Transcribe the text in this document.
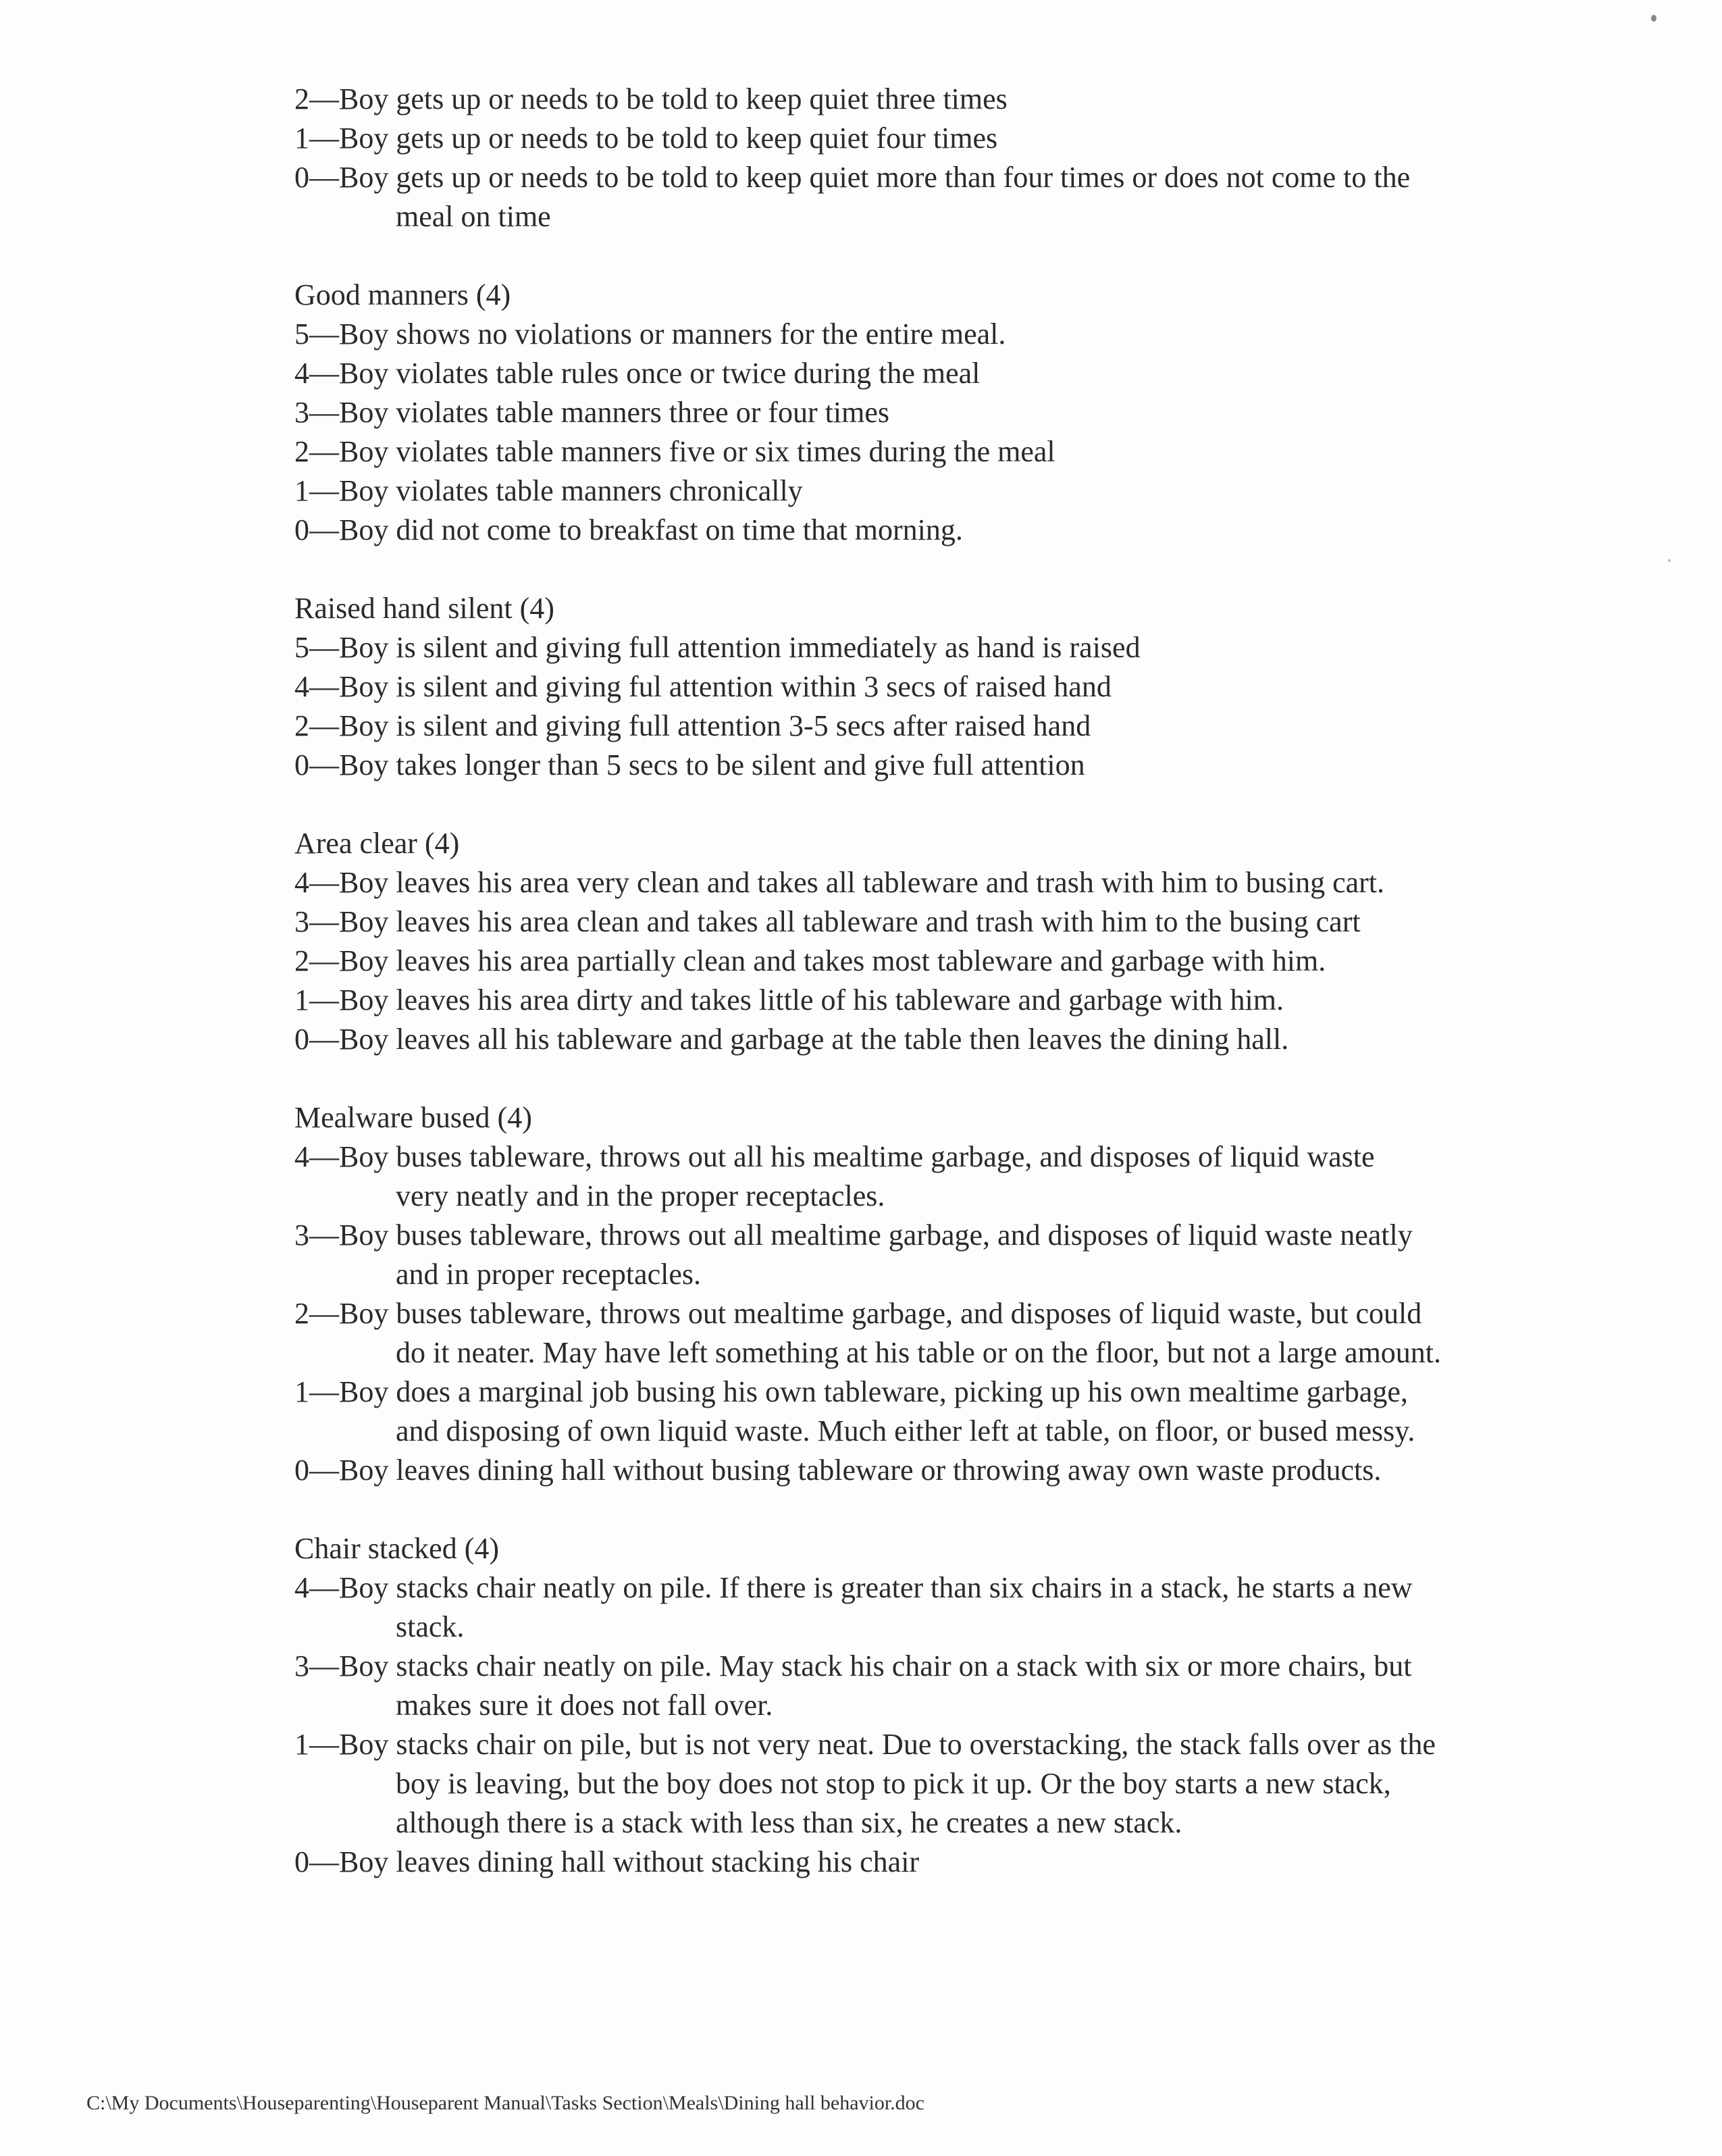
2—Boy gets up or needs to be told to keep quiet three times
1—Boy gets up or needs to be told to keep quiet four times
0—Boy gets up or needs to be told to keep quiet more than four times or does not come to the
meal on time
Good manners (4)
5—Boy shows no violations or manners for the entire meal.
4—Boy violates table rules once or twice during the meal
3—Boy violates table manners three or four times
2—Boy violates table manners five or six times during the meal
1—Boy violates table manners chronically
0—Boy did not come to breakfast on time that morning.
Raised hand silent (4)
5—Boy is silent and giving full attention immediately as hand is raised
4—Boy is silent and giving ful attention within 3 secs of raised hand
2—Boy is silent and giving full attention 3-5 secs after raised hand
0—Boy takes longer than 5 secs to be silent and give full attention
Area clear (4)
4—Boy leaves his area very clean and takes all tableware and trash with him to busing cart.
3—Boy leaves his area clean and takes all tableware and trash with him to the busing cart
2—Boy leaves his area partially clean and takes most tableware and garbage with him.
1—Boy leaves his area dirty and takes little of his tableware and garbage with him.
0—Boy leaves all his tableware and garbage at the table then leaves the dining hall.
Mealware bused (4)
4—Boy buses tableware, throws out all his mealtime garbage, and disposes of liquid waste
very neatly and in the proper receptacles.
3—Boy buses tableware, throws out all mealtime garbage, and disposes of liquid waste neatly
and in proper receptacles.
2—Boy buses tableware, throws out mealtime garbage, and disposes of liquid waste, but could
do it neater. May have left something at his table or on the floor, but not a large amount.
1—Boy does a marginal job busing his own tableware, picking up his own mealtime garbage,
and disposing of own liquid waste. Much either left at table, on floor, or bused messy.
0—Boy leaves dining hall without busing tableware or throwing away own waste products.
Chair stacked (4)
4—Boy stacks chair neatly on pile. If there is greater than six chairs in a stack, he starts a new
stack.
3—Boy stacks chair neatly on pile. May stack his chair on a stack with six or more chairs, but
makes sure it does not fall over.
1—Boy stacks chair on pile, but is not very neat. Due to overstacking, the stack falls over as the
boy is leaving, but the boy does not stop to pick it up. Or the boy starts a new stack,
although there is a stack with less than six, he creates a new stack.
0—Boy leaves dining hall without stacking his chair
C:\My Documents\Houseparenting\Houseparent Manual\Tasks Section\Meals\Dining hall behavior.doc
